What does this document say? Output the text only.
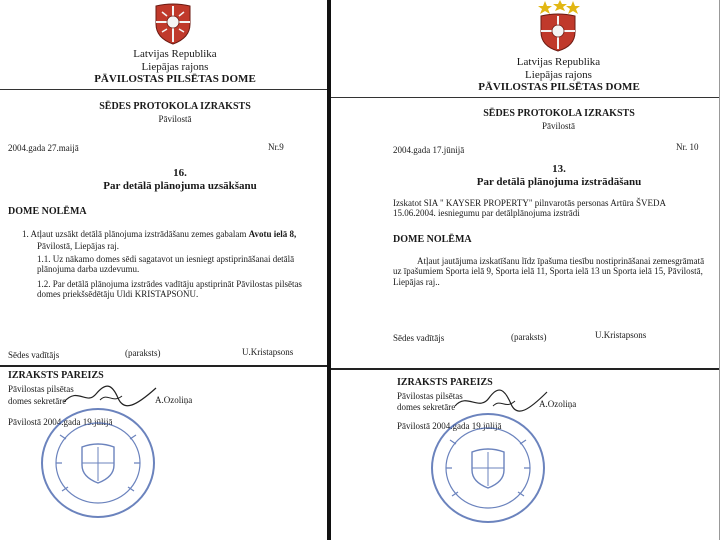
Latvijas Republika
Liepājas rajons
PĀVILOSTAS PILSĒTAS DOME
SĒDES PROTOKOLA IZRAKSTS
Pāvilostā
2004.gada 27.maijā	Nr.9
16.
Par detālā plānojuma uzsākšanu
DOME NOLĒMA
1. Atļaut uzsākt detālā plānojuma izstrādāšanu zemes gabalam Avotu ielā 8,
Pāvilostā, Liepājas raj.
1.1. Uz nākamo domes sēdi sagatavot un iesniegt apstiprināšanai detālā plānojuma darba uzdevumu.
1.2. Par detālā plānojuma izstrādes vadītāju apstiprināt Pāvilostas pilsētas domes priekšsēdētāju Uldi KRISTAPSONU.
Sēdes vadītājs	(paraksts)	U.Kristapsons
IZRAKSTS PAREIZS
Pāvilostas pilsētas
domes sekretāre	A.Ozoliņa
Pāvilostā 2004.gada 19.jūlijā
Latvijas Republika
Liepājas rajons
PĀVILOSTAS PILSĒTAS DOME
SĒDES PROTOKOLA IZRAKSTS
Pāvilostā
2004.gada 17.jūnijā	Nr. 10
13.
Par detālā plānojuma izstrādāšanu
Izskatot SIA " KAYSER PROPERTY" pilnvarotās personas Artūra ŠVEDA 15.06.2004. iesniegumu par detālplānojuma izstrādi
DOME NOLĒMA
Atļaut jautājuma izskatīšanu līdz īpašuma tiesību nostiprināšanai zemesgrāmatā uz īpašumiem Sporta ielā 9, Sporta ielā 11, Sporta ielā 13 un Sporta ielā 15, Pāvilostā, Liepājas raj..
Sēdes vadītājs	(paraksts)	U.Kristapsons
IZRAKSTS PAREIZS
Pāvilostas pilsētas
domes sekretāre	A.Ozoliņa
Pāvilostā 2004.gada 19.jūlijā
